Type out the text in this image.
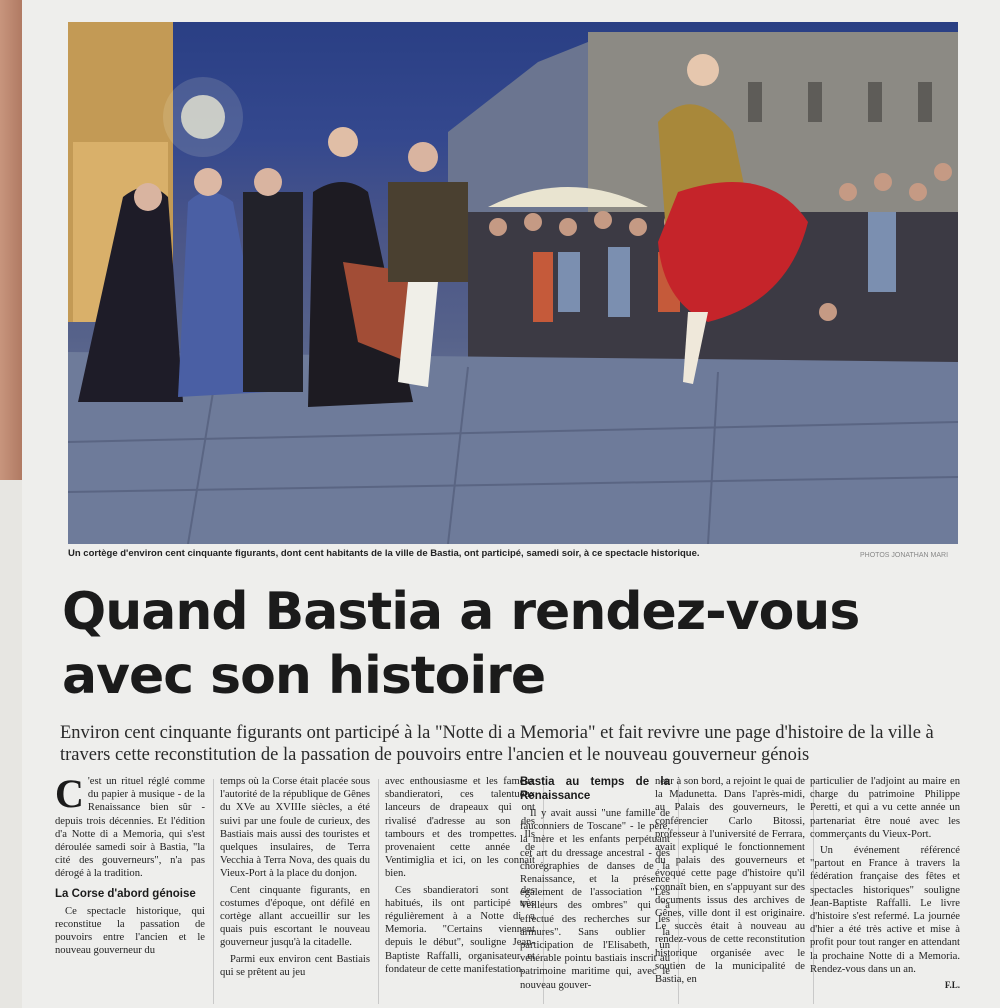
Un cortège d'environ cent cinquante figurants, dont cent habitants de la ville de Bastia, ont participé, samedi soir, à ce spectacle historique.	PHOTOS JONATHAN MARI
Quand Bastia a rendez-vous
avec son histoire

Environ cent cinquante figurants ont participé à la "Notte di a Memoria" et fait revivre une page d'histoire de la ville à travers cette reconstitution de la passation de pouvoirs entre l'ancien et le nouveau gouverneur génois

C 'est un rituel réglé comme du papier à musique - de la Renaissance bien sûr - depuis trois décennies. Et l'édition d'a Notte di a Memoria, qui s'est déroulée samedi soir à Bastia, "la cité des gouverneurs", n'a pas dérogé à la tradition.

La Corse d'abord génoise

Ce spectacle historique, qui reconstitue la passation de pouvoirs entre l'ancien et le nouveau gouverneur du

temps où la Corse était placée sous l'autorité de la république de Gênes du XVe au XVIIIe siècles, a été suivi par une foule de curieux, des Bastiais mais aussi des touristes et quelques insulaires, de Terra Vecchia à Terra Nova, des quais du Vieux-Port à la place du donjon.

Cent cinquante figurants, en costumes d'époque, ont défilé en cortège allant accueillir sur les quais puis escortant le nouveau gouverneur jusqu'à la citadelle.

Parmi eux environ cent Bastiais qui se prêtent au jeu

avec enthousiasme et les fameux sbandieratori, ces talentueux lanceurs de drapeaux qui ont rivalisé d'adresse au son des tambours et des trompettes. Ils provenaient cette année de Ventimiglia et ici, on les connaît bien.

Ces sbandieratori sont des habitués, ils ont participé très régulièrement à a Notte di a Memoria. "Certains viennent depuis le début", souligne Jean-Baptiste Raffalli, organisateur et fondateur de cette manifestation.

Bastia au temps de la Renaissance

Il y avait aussi "une famille de fauconniers de Toscane" - le père, la mère et les enfants perpétuant cet art du dressage ancestral - des chorégraphies de danses de la Renaissance, et la présence également de l'association "Les Veilleurs des ombres" qui "a effectué des recherches sur les armures". Sans oublier la participation de l'Elisabeth, un vénérable pointu bastiais inscrit au patrimoine maritime qui, avec le nouveau gouver-

neur à son bord, a rejoint le quai de la Madunetta. Dans l'après-midi, au Palais des gouverneurs, le conférencier Carlo Bitossi, professeur à l'université de Ferrara, avait expliqué le fonctionnement du palais des gouverneurs et évoqué cette page d'histoire qu'il connaît bien, en s'appuyant sur des documents issus des archives de Gênes, ville dont il est originaire. Le succès était à nouveau au rendez-vous de cette reconstitution historique organisée avec le soutien de la municipalité de Bastia, en

particulier de l'adjoint au maire en charge du patrimoine Philippe Peretti, et qui a vu cette année un partenariat être noué avec les commerçants du Vieux-Port.

Un événement référencé "partout en France à travers la fédération française des fêtes et spectacles historiques" souligne Jean-Baptiste Raffalli. Le livre d'histoire s'est refermé. La journée d'hier a été très active et mise à profit pour tout ranger en attendant la prochaine Notte di a Memoria. Rendez-vous dans un an.

F.L.
